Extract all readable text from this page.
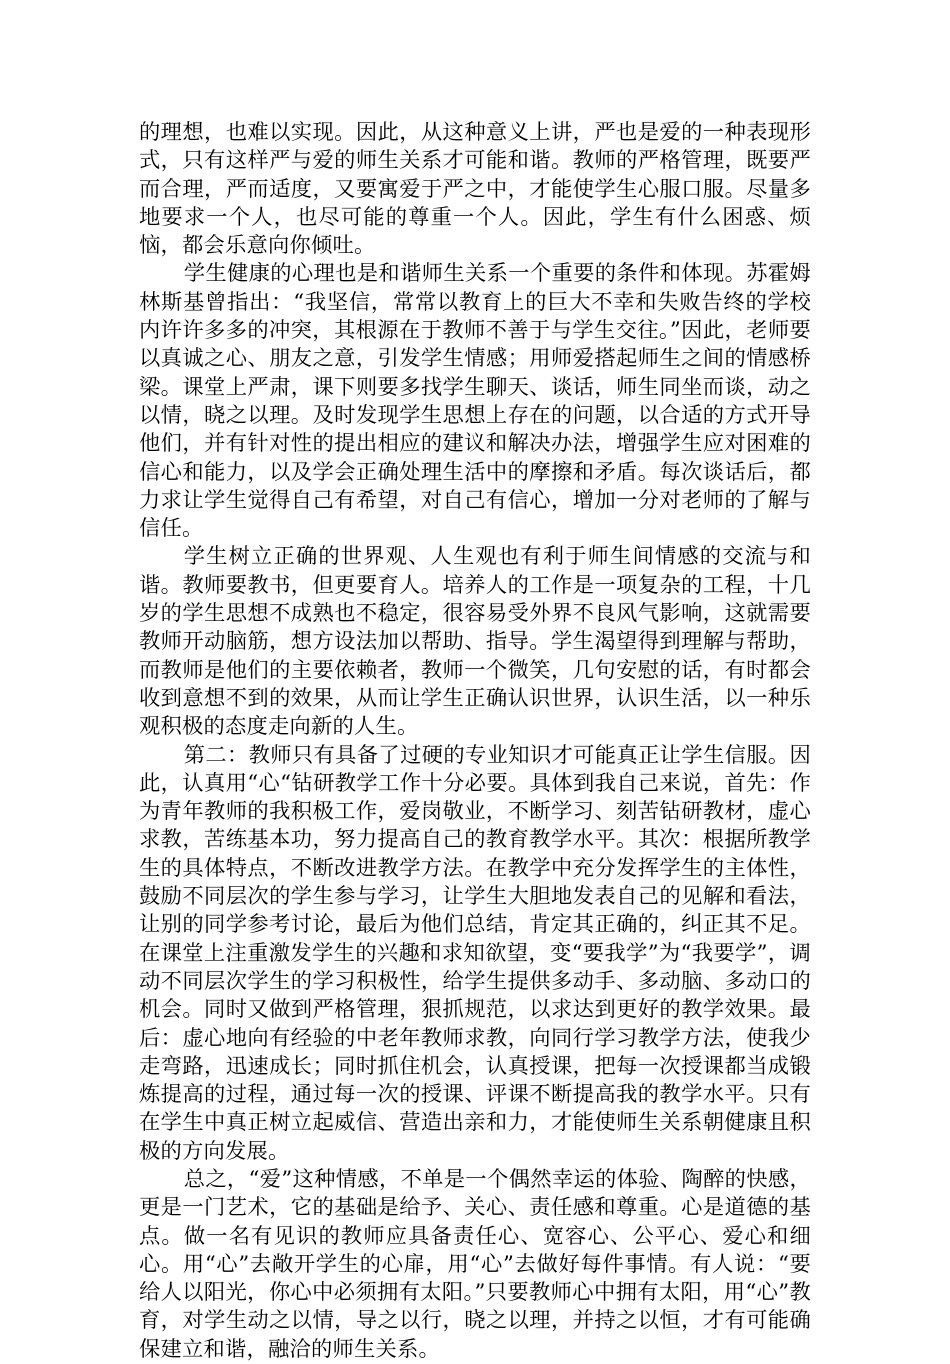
的理想，也难以实现。因此，从这种意义上讲，严也是爱的一种表现形式，只有这样严与爱的师生关系才可能和谐。教师的严格管理，既要严而合理，严而适度，又要寓爱于严之中，才能使学生心服口服。尽量多地要求一个人，也尽可能的尊重一个人。因此，学生有什么困惑、烦恼，都会乐意向你倾吐。

学生健康的心理也是和谐师生关系一个重要的条件和体现。苏霍姆林斯基曾指出：“我坚信，常常以教育上的巨大不幸和失败告终的学校内许许多多的冲突，其根源在于教师不善于与学生交往。”因此，老师要以真诚之心、朋友之意，引发学生情感；用师爱搭起师生之间的情感桥梁。课堂上严肃，课下则要多找学生聊天、谈话，师生同坐而谈，动之以情，晓之以理。及时发现学生思想上存在的问题，以合适的方式开导他们，并有针对性的提出相应的建议和解决办法，增强学生应对困难的信心和能力，以及学会正确处理生活中的摩擦和矛盾。每次谈话后，都力求让学生觉得自己有希望，对自己有信心，增加一分对老师的了解与信任。

学生树立正确的世界观、人生观也有利于师生间情感的交流与和谐。教师要教书，但更要育人。培养人的工作是一项复杂的工程，十几岁的学生思想不成熟也不稳定，很容易受外界不良风气影响，这就需要教师开动脑筋，想方设法加以帮助、指导。学生渴望得到理解与帮助，而教师是他们的主要依赖者，教师一个微笑，几句安慰的话，有时都会收到意想不到的效果，从而让学生正确认识世界，认识生活，以一种乐观积极的态度走向新的人生。

第二：教师只有具备了过硬的专业知识才可能真正让学生信服。因此，认真用“心“钻研教学工作十分必要。具体到我自己来说，首先：作为青年教师的我积极工作，爱岗敬业，不断学习、刻苦钻研教材，虚心求教，苦练基本功，努力提高自己的教育教学水平。其次：根据所教学生的具体特点，不断改进教学方法。在教学中充分发挥学生的主体性，鼓励不同层次的学生参与学习，让学生大胆地发表自己的见解和看法，让别的同学参考讨论，最后为他们总结，肯定其正确的，纠正其不足。在课堂上注重激发学生的兴趣和求知欲望，变“要我学”为“我要学”，调动不同层次学生的学习积极性，给学生提供多动手、多动脑、多动口的机会。同时又做到严格管理，狠抓规范，以求达到更好的教学效果。最后：虚心地向有经验的中老年教师求教，向同行学习教学方法，使我少走弯路，迅速成长；同时抓住机会，认真授课，把每一次授课都当成锻炼提高的过程，通过每一次的授课、评课不断提高我的教学水平。只有在学生中真正树立起威信、营造出亲和力，才能使师生关系朝健康且积极的方向发展。

总之，“爱”这种情感，不单是一个偶然幸运的体验、陶醉的快感，更是一门艺术，它的基础是给予、关心、责任感和尊重。心是道德的基点。做一名有见识的教师应具备责任心、宽容心、公平心、爱心和细心。用“心”去敞开学生的心扉，用“心”去做好每件事情。有人说：“要给人以阳光，你心中必须拥有太阳。”只要教师心中拥有太阳，用“心”教育，对学生动之以情，导之以行，晓之以理，并持之以恒，才有可能确保建立和谐，融洽的师生关系。
